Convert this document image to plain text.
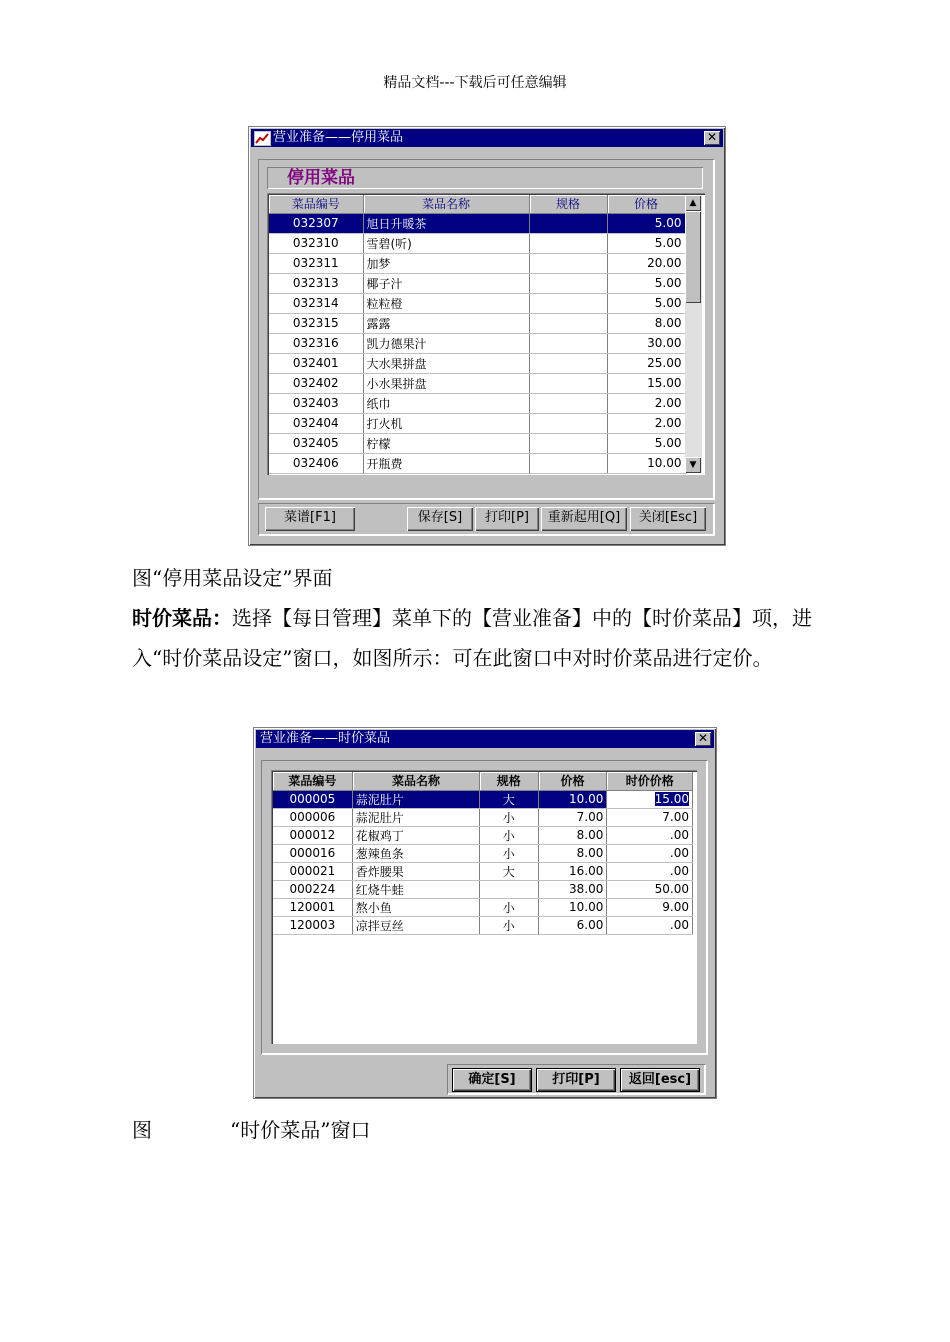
精品文档---下载后可任意编辑
营业准备——停用菜品	✕
停用菜品
菜品编号	菜品名称	规格	价格
032307	旭日升暖茶		5.00
032310	雪碧(听)		5.00
032311	加梦		20.00
032313	椰子汁		5.00
032314	粒粒橙		5.00
032315	露露		8.00
032316	凯力德果汁		30.00
032401	大水果拼盘		25.00
032402	小水果拼盘		15.00
032403	纸巾		2.00
032404	打火机		2.00
032405	柠檬		5.00
032406	开瓶费		10.00
▲
▼
菜谱[F1]	保存[S]	打印[P]	重新起用[Q]	关闭[Esc]
图“停用菜品设定”界面
时价菜品：选择【每日管理】菜单下的【营业准备】中的【时价菜品】项，进入“时价菜品设定”窗口，如图所示：可在此窗口中对时价菜品进行定价。
营业准备——时价菜品	✕
菜品编号	菜品名称	规格	价格	时价价格
000005	蒜泥肚片	大	10.00	15.00
000006	蒜泥肚片	小	7.00	7.00
000012	花椒鸡丁	小	8.00	.00
000016	葱辣鱼条	小	8.00	.00
000021	香炸腰果	大	16.00	.00
000224	红烧牛蛙		38.00	50.00
120001	熬小鱼	小	10.00	9.00
120003	凉拌豆丝	小	6.00	.00
确定[S]	打印[P]	返回[esc]
图	“时价菜品”窗口
